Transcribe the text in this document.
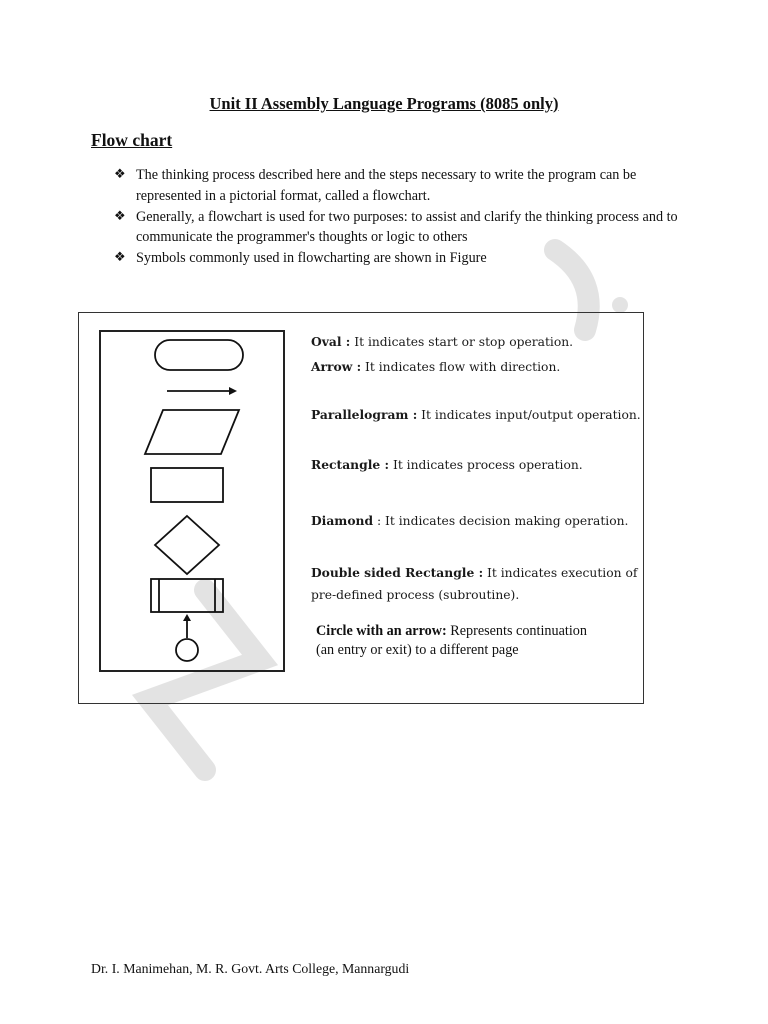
Unit II Assembly Language Programs (8085 only)
Flow chart
❖ The thinking process described here and the steps necessary to write the program can be represented in a pictorial format, called a flowchart.
❖ Generally, a flowchart is used for two purposes: to assist and clarify the thinking process and to communicate the programmer's thoughts or logic to others
❖ Symbols commonly used in flowcharting are shown in Figure
Oval : It indicates start or stop operation.
Arrow : It indicates flow with direction.
Parallelogram : It indicates input/output operation.
Rectangle : It indicates process operation.
Diamond : It indicates decision making operation.
Double sided Rectangle : It indicates execution of
pre-defined process (subroutine).
Circle with an arrow: Represents continuation
(an entry or exit) to a different page
Dr. I. Manimehan, M. R. Govt. Arts College, Mannargudi
